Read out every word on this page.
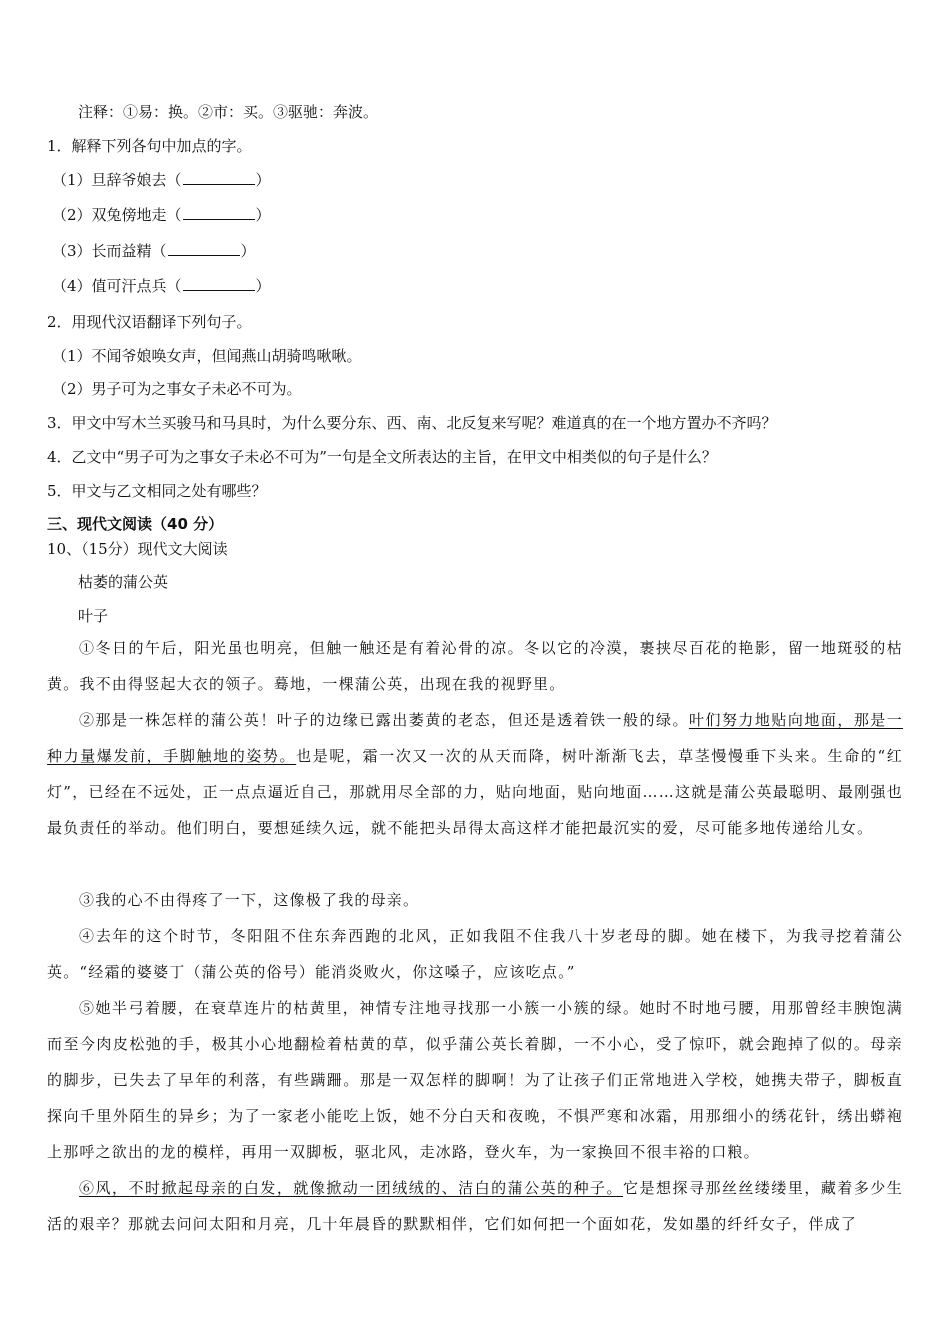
注释：①易：换。②市：买。③驱驰：奔波。
1．解释下列各句中加点的字。
（1）旦辞爷娘去（	）
（2）双兔傍地走（	）
（3）长而益精（	）
（4）值可汗点兵（	）
2．用现代汉语翻译下列句子。
（1）不闻爷娘唤女声，但闻燕山胡骑鸣啾啾。
（2）男子可为之事女子未必不可为。
3．甲文中写木兰买骏马和马具时，为什么要分东、西、南、北反复来写呢？难道真的在一个地方置办不齐吗？
4．乙文中“男子可为之事女子未必不可为”一句是全文所表达的主旨，在甲文中相类似的句子是什么？
5．甲文与乙文相同之处有哪些？
三、现代文阅读（40 分）
10、（15分）现代文大阅读
枯萎的蒲公英
叶子
①冬日的午后，阳光虽也明亮，但触一触还是有着沁骨的凉。冬以它的冷漠，裹挟尽百花的艳影，留一地斑驳的枯黄。我不由得竖起大衣的领子。蓦地，一棵蒲公英，出现在我的视野里。
②那是一株怎样的蒲公英！叶子的边缘已露出萎黄的老态，但还是透着铁一般的绿。叶们努力地贴向地面，那是一种力量爆发前，手脚触地的姿势。也是呢，霜一次又一次的从天而降，树叶渐渐飞去，草茎慢慢垂下头来。生命的“红灯”，已经在不远处，正一点点逼近自己，那就用尽全部的力，贴向地面，贴向地面……这就是蒲公英最聪明、最刚强也最负责任的举动。他们明白，要想延续久远，就不能把头昂得太高这样才能把最沉实的爱，尽可能多地传递给儿女。
③我的心不由得疼了一下，这像极了我的母亲。
④去年的这个时节，冬阳阻不住东奔西跑的北风，正如我阻不住我八十岁老母的脚。她在楼下，为我寻挖着蒲公英。“经霜的婆婆丁（蒲公英的俗号）能消炎败火，你这嗓子，应该吃点。”
⑤她半弓着腰，在衰草连片的枯黄里，神情专注地寻找那一小簇一小簇的绿。她时不时地弓腰，用那曾经丰腴饱满而至今肉皮松弛的手，极其小心地翻检着枯黄的草，似乎蒲公英长着脚，一不小心，受了惊吓，就会跑掉了似的。母亲的脚步，已失去了早年的利落，有些蹒跚。那是一双怎样的脚啊！为了让孩子们正常地进入学校，她携夫带子，脚板直探向千里外陌生的异乡；为了一家老小能吃上饭，她不分白天和夜晚，不惧严寒和冰霜，用那细小的绣花针，绣出蟒袍上那呼之欲出的龙的模样，再用一双脚板，驱北风，走冰路，登火车，为一家换回不很丰裕的口粮。
⑥风，不时掀起母亲的白发，就像掀动一团绒绒的、洁白的蒲公英的种子。它是想探寻那丝丝缕缕里，藏着多少生活的艰辛？那就去问问太阳和月亮，几十年晨昏的默默相伴，它们如何把一个面如花，发如墨的纤纤女子，伴成了
